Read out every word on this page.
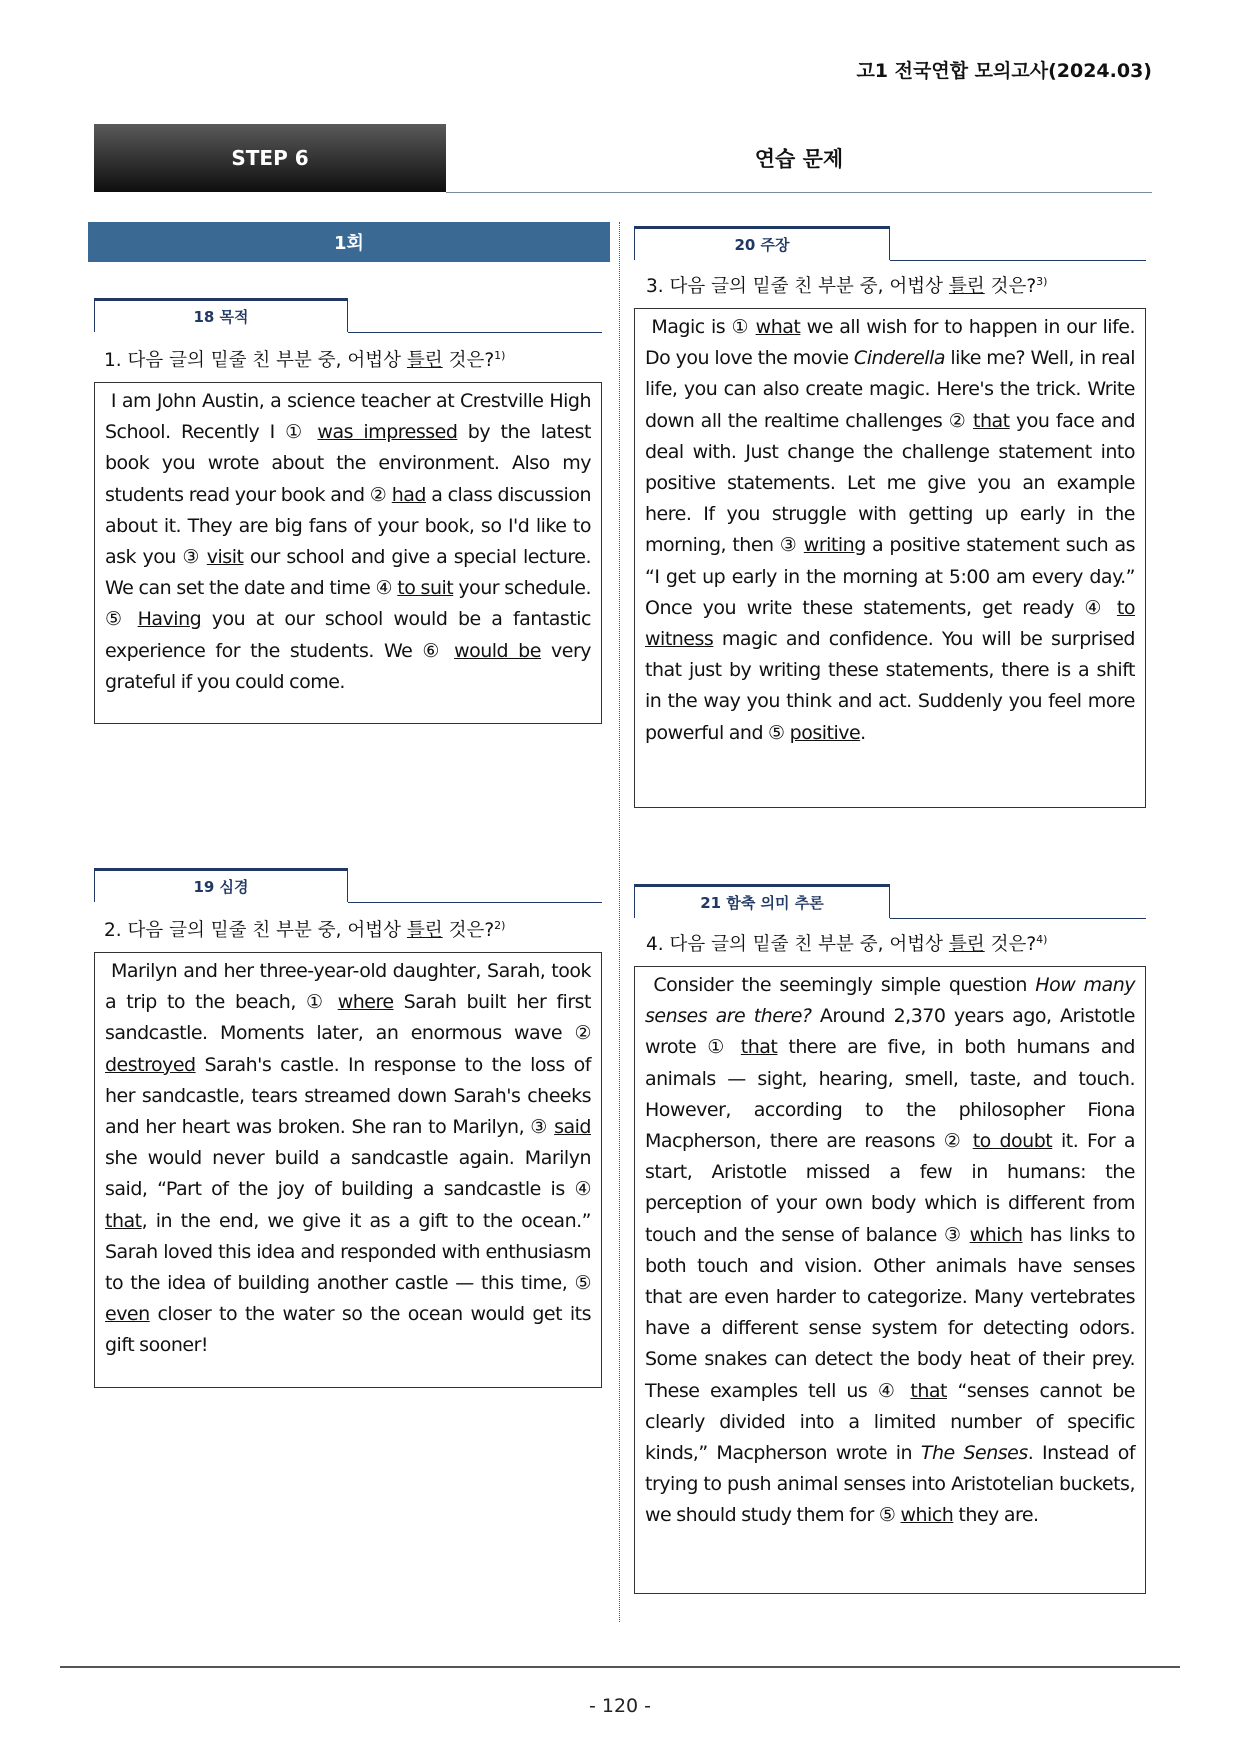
고1 전국연합 모의고사(2024.03)
STEP 6	연습 문제
1회
18 목적
1. 다음 글의 밑줄 친 부분 중, 어법상 틀린 것은?$^{1)}$
I am John Austin, a science teacher at Crestville High School. Recently I ① was impressed by the latest book you wrote about the environment. Also my students read your book and ② had a class discussion about it. They are big fans of your book, so I'd like to ask you ③ visit our school and give a special lecture. We can set the date and time ④ to suit your schedule. ⑤ Having you at our school would be a fantastic experience for the students. We ⑥ would be very grateful if you could come.
19 심경
2. 다음 글의 밑줄 친 부분 중, 어법상 틀린 것은?$^{2)}$
Marilyn and her three-year-old daughter, Sarah, took a trip to the beach, ① where Sarah built her first sandcastle. Moments later, an enormous wave ② destroyed Sarah's castle. In response to the loss of her sandcastle, tears streamed down Sarah's cheeks and her heart was broken. She ran to Marilyn, ③ said she would never build a sandcastle again. Marilyn said, “Part of the joy of building a sandcastle is ④ that, in the end, we give it as a gift to the ocean.” Sarah loved this idea and responded with enthusiasm to the idea of building another castle — this time, ⑤ even closer to the water so the ocean would get its gift sooner!
20 주장
3. 다음 글의 밑줄 친 부분 중, 어법상 틀린 것은?$^{3)}$
Magic is ① what we all wish for to happen in our life. Do you love the movie Cinderella like me? Well, in real life, you can also create magic. Here's the trick. Write down all the realtime challenges ② that you face and deal with. Just change the challenge statement into positive statements. Let me give you an example here. If you struggle with getting up early in the morning, then ③ writing a positive statement such as “I get up early in the morning at 5:00 am every day.” Once you write these statements, get ready ④ to witness magic and confidence. You will be surprised that just by writing these statements, there is a shift in the way you think and act. Suddenly you feel more powerful and ⑤ positive.
21 함축 의미 추론
4. 다음 글의 밑줄 친 부분 중, 어법상 틀린 것은?$^{4)}$
Consider the seemingly simple question How many senses are there? Around 2,370 years ago, Aristotle wrote ① that there are five, in both humans and animals — sight, hearing, smell, taste, and touch. However, according to the philosopher Fiona Macpherson, there are reasons ② to doubt it. For a start, Aristotle missed a few in humans: the perception of your own body which is different from touch and the sense of balance ③ which has links to both touch and vision. Other animals have senses that are even harder to categorize. Many vertebrates have a different sense system for detecting odors. Some snakes can detect the body heat of their prey. These examples tell us ④ that “senses cannot be clearly divided into a limited number of specific kinds,” Macpherson wrote in The Senses. Instead of trying to push animal senses into Aristotelian buckets, we should study them for ⑤ which they are.
- 120 -
